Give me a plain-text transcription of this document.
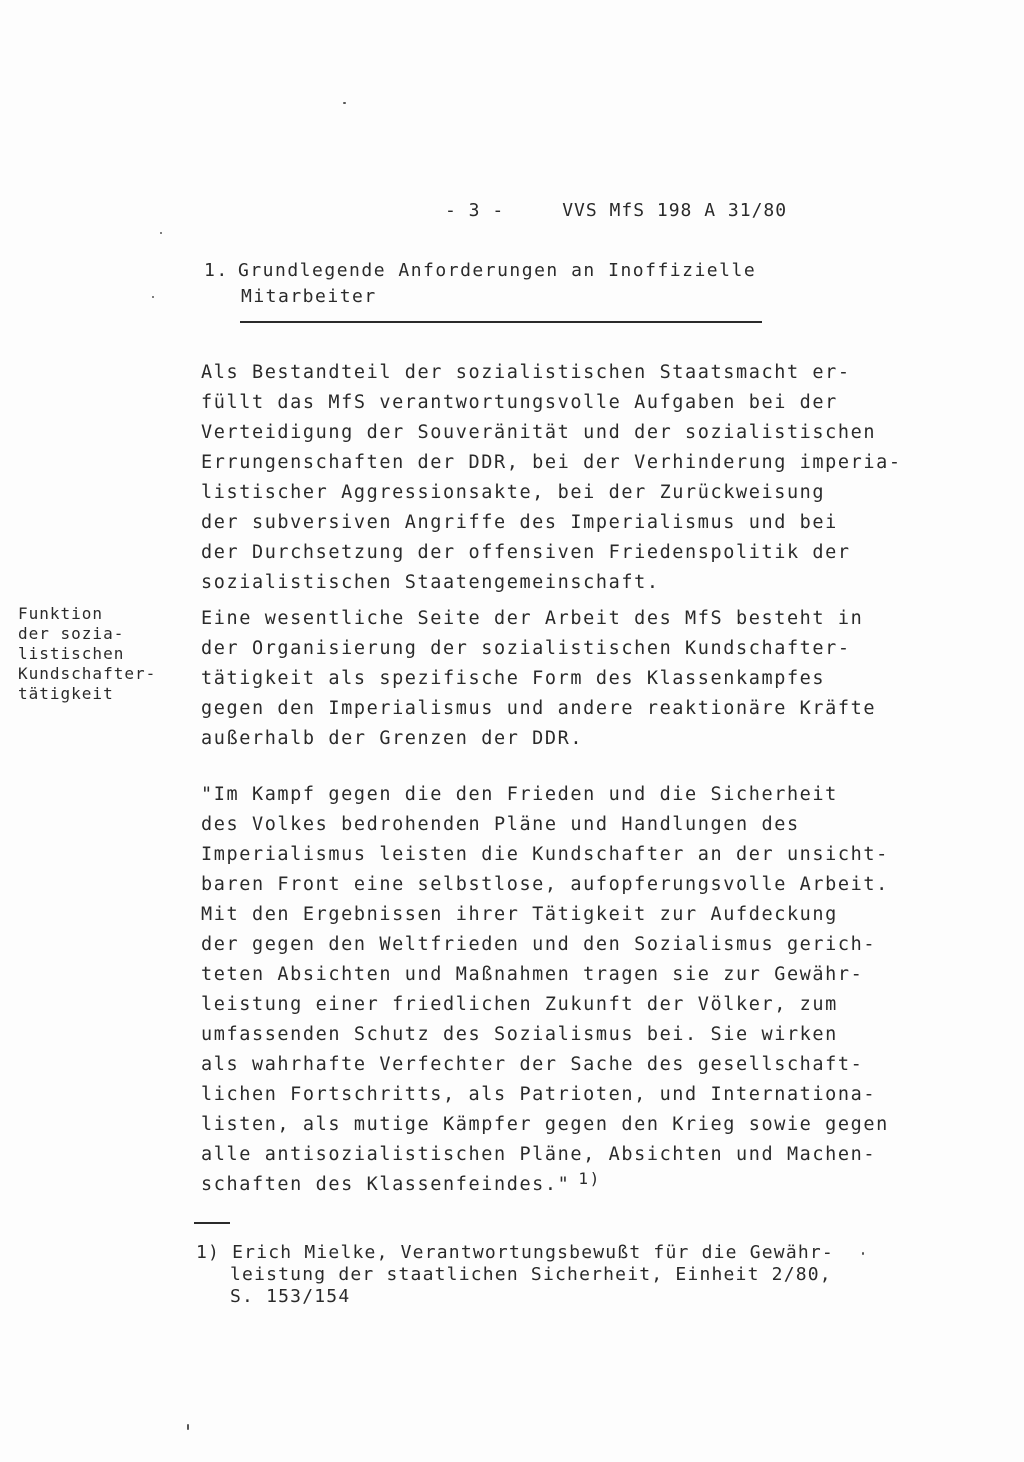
- 3 -	VVS MfS 198 A 31/80
1. Grundlegende Anforderungen an Inoffizielle
Mitarbeiter
Als Bestandteil der sozialistischen Staatsmacht er-
füllt das MfS verantwortungsvolle Aufgaben bei der
Verteidigung der Souveränität und der sozialistischen
Errungenschaften der DDR, bei der Verhinderung imperia-
listischer Aggressionsakte, bei der Zurückweisung
der subversiven Angriffe des Imperialismus und bei
der Durchsetzung der offensiven Friedenspolitik der
sozialistischen Staatengemeinschaft.
Funktion
der sozia-
listischen
Kundschafter-
tätigkeit
Eine wesentliche Seite der Arbeit des MfS besteht in
der Organisierung der sozialistischen Kundschafter-
tätigkeit als spezifische Form des Klassenkampfes
gegen den Imperialismus und andere reaktionäre Kräfte
außerhalb der Grenzen der DDR.
"Im Kampf gegen die den Frieden und die Sicherheit
des Volkes bedrohenden Pläne und Handlungen des
Imperialismus leisten die Kundschafter an der unsicht-
baren Front eine selbstlose, aufopferungsvolle Arbeit.
Mit den Ergebnissen ihrer Tätigkeit zur Aufdeckung
der gegen den Weltfrieden und den Sozialismus gerich-
teten Absichten und Maßnahmen tragen sie zur Gewähr-
leistung einer friedlichen Zukunft der Völker, zum
umfassenden Schutz des Sozialismus bei. Sie wirken
als wahrhafte Verfechter der Sache des gesellschaft-
lichen Fortschritts, als Patrioten, und Internationa-
listen, als mutige Kämpfer gegen den Krieg sowie gegen
alle antisozialistischen Pläne, Absichten und Machen-
schaften des Klassenfeindes." 1)
1) Erich Mielke, Verantwortungsbewußt für die Gewähr-
leistung der staatlichen Sicherheit, Einheit 2/80,
S. 153/154
